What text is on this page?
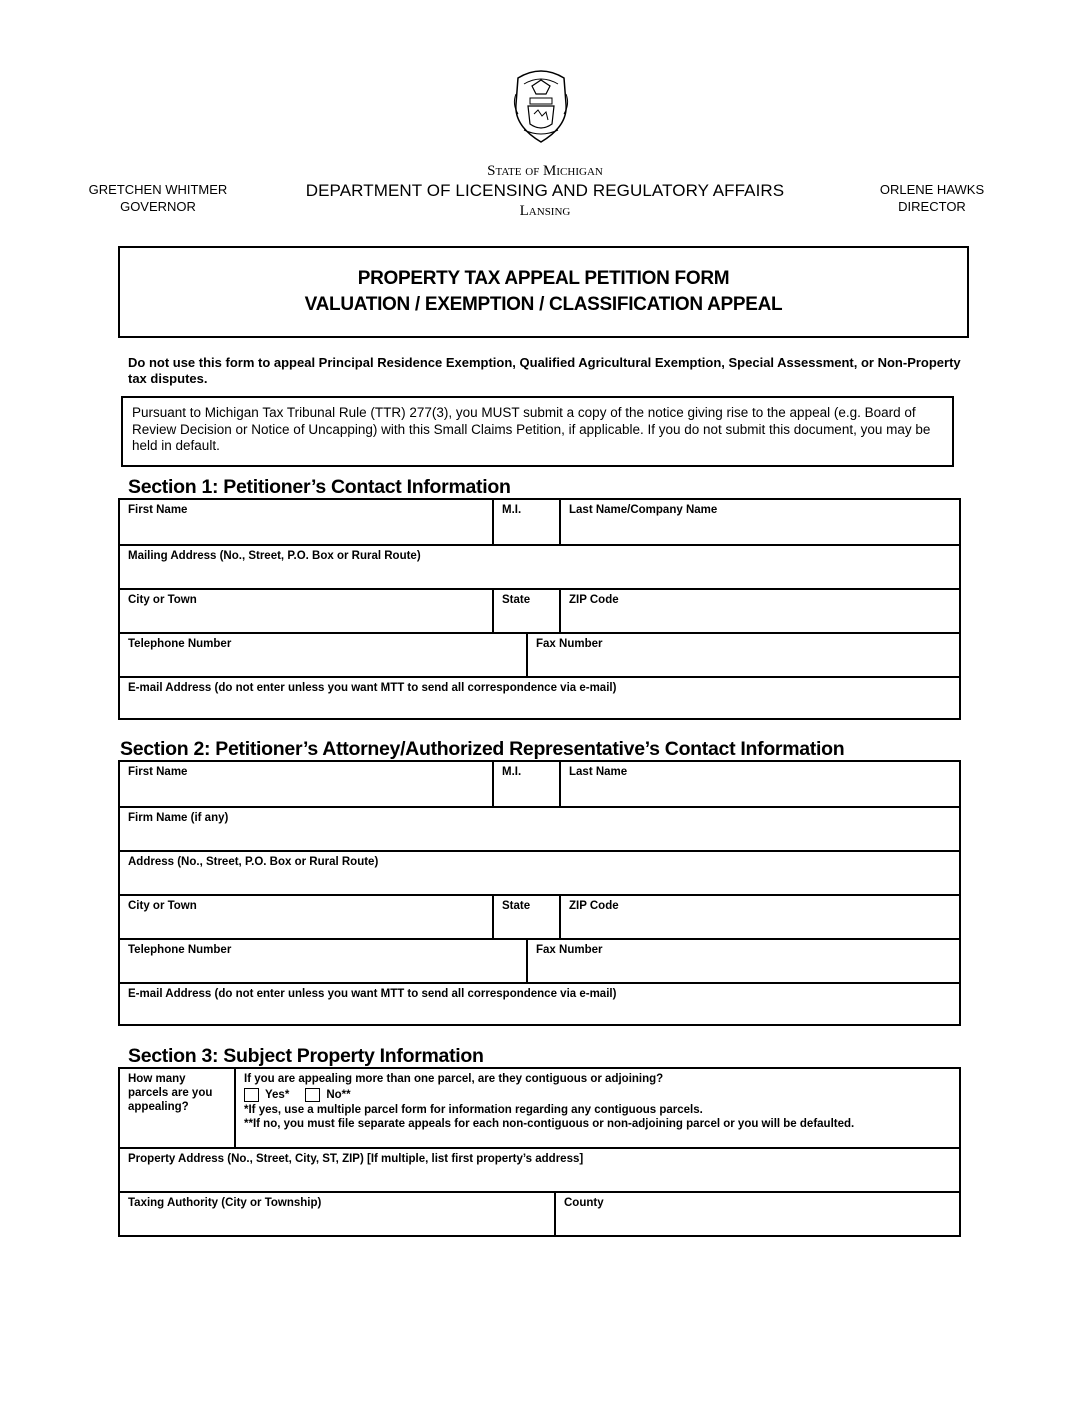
GRETCHEN WHITMER
GOVERNOR
State of Michigan
DEPARTMENT OF LICENSING AND REGULATORY AFFAIRS
Lansing
ORLENE HAWKS
DIRECTOR
PROPERTY TAX APPEAL PETITION FORM
VALUATION / EXEMPTION / CLASSIFICATION APPEAL
Do not use this form to appeal Principal Residence Exemption, Qualified Agricultural Exemption, Special Assessment, or Non-Property tax disputes.
Pursuant to Michigan Tax Tribunal Rule (TTR) 277(3), you MUST submit a copy of the notice giving rise to the appeal (e.g. Board of Review Decision or Notice of Uncapping) with this Small Claims Petition, if applicable. If you do not submit this document, you may be held in default.
Section 1: Petitioner’s Contact Information
First Name	M.I.	Last Name/Company Name
Mailing Address (No., Street, P.O. Box or Rural Route)
City or Town	State	ZIP Code
Telephone Number	Fax Number
E-mail Address (do not enter unless you want MTT to send all correspondence via e-mail)
Section 2: Petitioner’s Attorney/Authorized Representative’s Contact Information
First Name	M.I.	Last Name
Firm Name (if any)
Address (No., Street, P.O. Box or Rural Route)
City or Town	State	ZIP Code
Telephone Number	Fax Number
E-mail Address (do not enter unless you want MTT to send all correspondence via e-mail)
Section 3: Subject Property Information
How many parcels are you appealing?
If you are appealing more than one parcel, are they contiguous or adjoining?
Yes*	No**
*If yes, use a multiple parcel form for information regarding any contiguous parcels.
**If no, you must file separate appeals for each non-contiguous or non-adjoining parcel or you will be defaulted.
Property Address (No., Street, City, ST, ZIP) [If multiple, list first property’s address]
Taxing Authority (City or Township)	County
